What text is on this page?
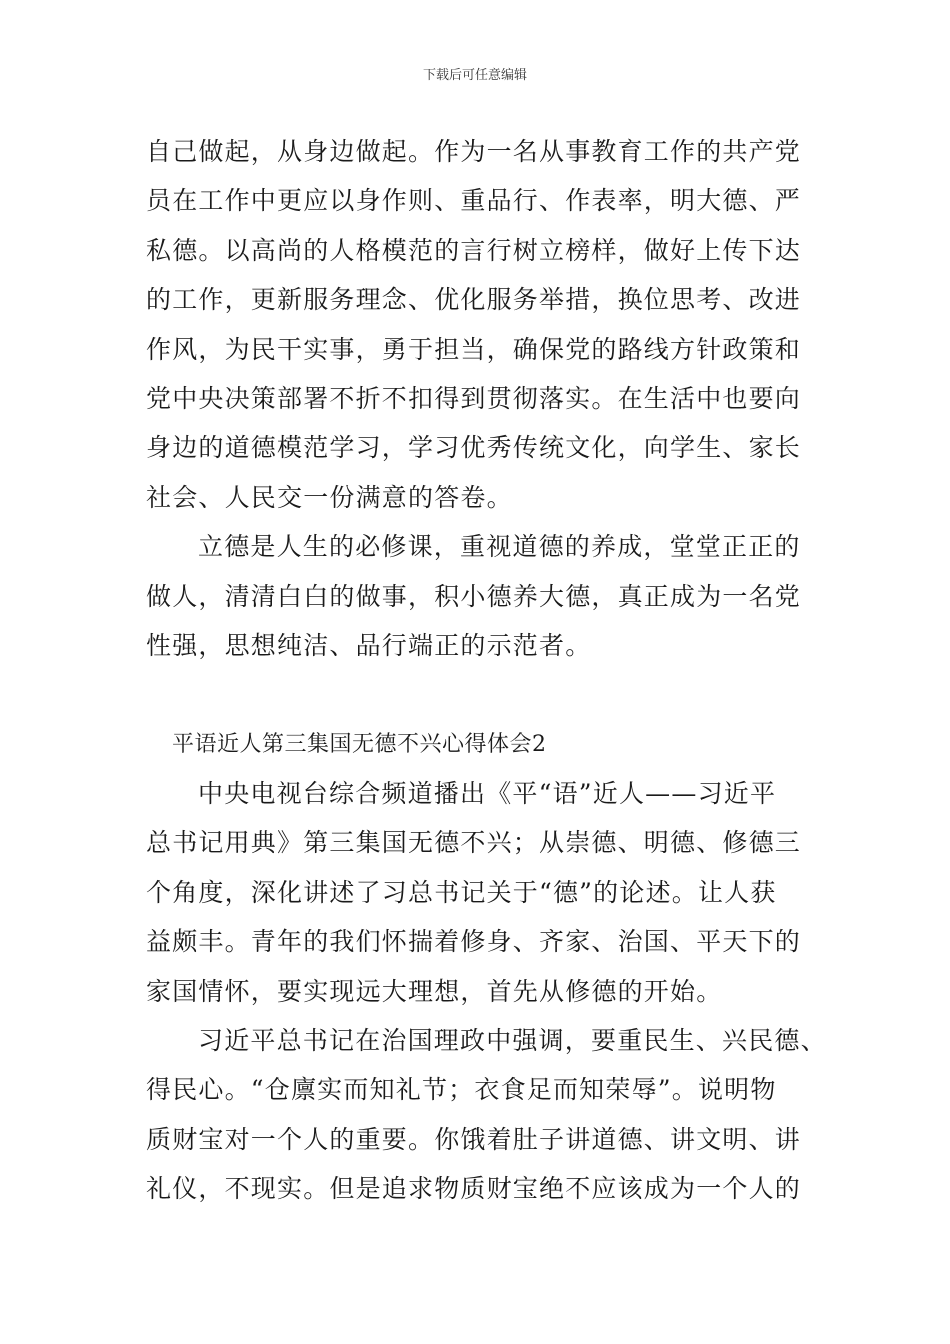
下载后可任意编辑
自己做起，从身边做起。作为一名从事教育工作的共产党
员在工作中更应以身作则、重品行、作表率，明大德、严
私德。以高尚的人格模范的言行树立榜样，做好上传下达
的工作，更新服务理念、优化服务举措，换位思考、改进
作风，为民干实事，勇于担当，确保党的路线方针政策和
党中央决策部署不折不扣得到贯彻落实。在生活中也要向
身边的道德模范学习，学习优秀传统文化，向学生、家长
社会、人民交一份满意的答卷。
立德是人生的必修课，重视道德的养成，堂堂正正的
做人，清清白白的做事，积小德养大德，真正成为一名党
性强，思想纯洁、品行端正的示范者。
平语近人第三集国无德不兴心得体会2
中央电视台综合频道播出《平“语”近人——习近平
总书记用典》第三集国无德不兴；从崇德、明德、修德三
个角度，深化讲述了习总书记关于“德”的论述。让人获
益颇丰。青年的我们怀揣着修身、齐家、治国、平天下的
家国情怀，要实现远大理想，首先从修德的开始。
习近平总书记在治国理政中强调，要重民生、兴民德、
得民心。“仓廪实而知礼节；衣食足而知荣辱”。说明物
质财宝对一个人的重要。你饿着肚子讲道德、讲文明、讲
礼仪，不现实。但是追求物质财宝绝不应该成为一个人的
